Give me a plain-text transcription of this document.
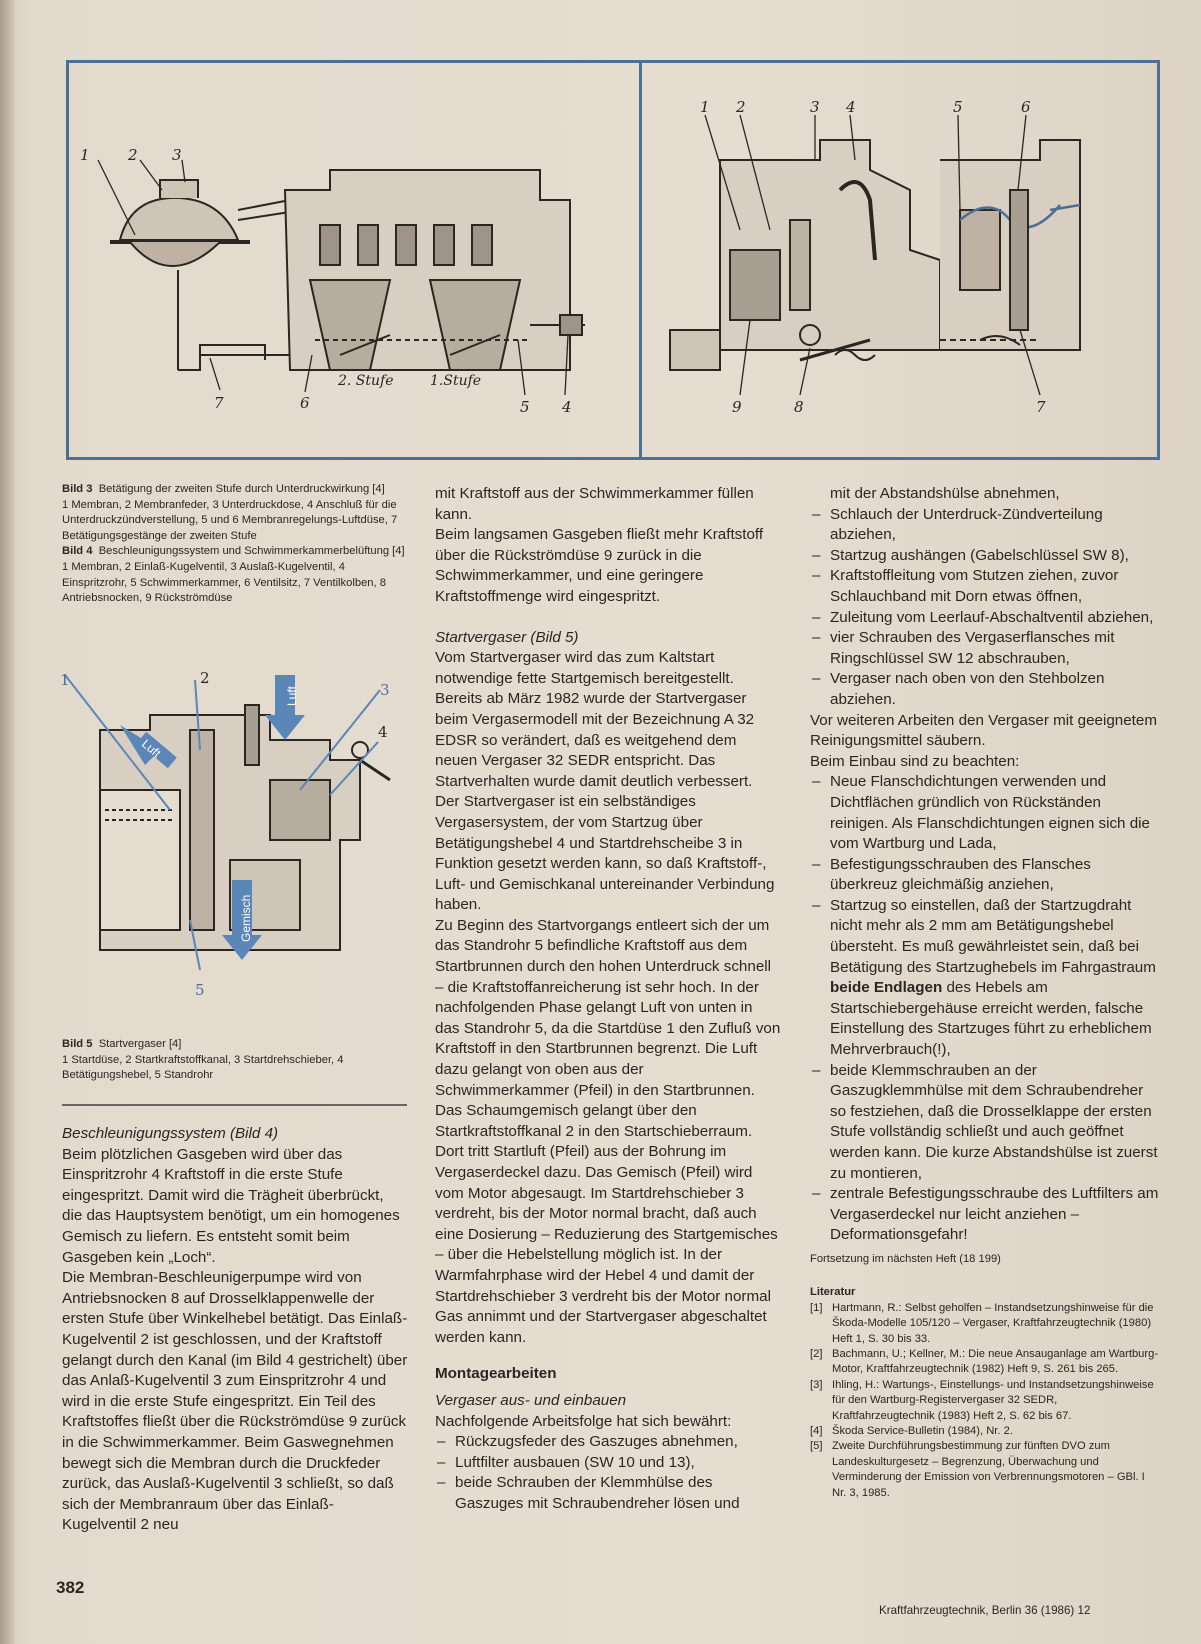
1	2 3
7	6	5 4
2. Stufe	1.Stufe
1 2	3 4	5	6
9	8	7

Bild 3 Betätigung der zweiten Stufe durch Unterdruckwirkung [4]

1 Membran, 2 Membranfeder, 3 Unterdruckdose, 4 Anschluß für die Unterdruckzündverstellung, 5 und 6 Membranregelungs-Luftdüse, 7 Betätigungsgestänge der zweiten Stufe

Bild 4 Beschleunigungssystem und Schwimmerkammerbelüftung [4]

1 Membran, 2 Einlaß-Kugelventil, 3 Auslaß-Kugelventil, 4 Einspritzrohr, 5 Schwimmerkammer, 6 Ventilsitz, 7 Ventilkolben, 8 Antriebsnocken, 9 Rückströmdüse

1	2
3
4
5
Luft
Luft
Gemisch

Bild 5 Startvergaser [4]

1 Startdüse, 2 Startkraftstoffkanal, 3 Startdrehschieber, 4 Betätigungshebel, 5 Standrohr

Beschleunigungssystem (Bild 4)

Beim plötzlichen Gasgeben wird über das Einspritzrohr 4 Kraftstoff in die erste Stufe eingespritzt. Damit wird die Trägheit überbrückt, die das Hauptsystem benötigt, um ein homogenes Gemisch zu liefern. Es entsteht somit beim Gasgeben kein „Loch“.

Die Membran-Beschleunigerpumpe wird von Antriebsnocken 8 auf Drosselklappenwelle der ersten Stufe über Winkelhebel betätigt. Das Einlaß-Kugelventil 2 ist geschlossen, und der Kraftstoff gelangt durch den Kanal (im Bild 4 gestrichelt) über das Anlaß-Kugelventil 3 zum Einspritzrohr 4 und wird in die erste Stufe eingespritzt. Ein Teil des Kraftstoffes fließt über die Rückströmdüse 9 zurück in die Schwimmerkammer. Beim Gaswegnehmen bewegt sich die Membran durch die Druckfeder zurück, das Auslaß-Kugelventil 3 schließt, so daß sich der Membranraum über das Einlaß-Kugelventil 2 neu

mit Kraftstoff aus der Schwimmerkammer füllen kann.

Beim langsamen Gasgeben fließt mehr Kraftstoff über die Rückströmdüse 9 zurück in die Schwimmerkammer, und eine geringere Kraftstoffmenge wird eingespritzt.

Startvergaser (Bild 5)

Vom Startvergaser wird das zum Kaltstart notwendige fette Startgemisch bereitgestellt. Bereits ab März 1982 wurde der Startvergaser beim Vergasermodell mit der Bezeichnung A 32 EDSR so verändert, daß es weitgehend dem neuen Vergaser 32 SEDR entspricht. Das Startverhalten wurde damit deutlich verbessert.

Der Startvergaser ist ein selbständiges Vergasersystem, der vom Startzug über Betätigungshebel 4 und Startdrehscheibe 3 in Funktion gesetzt werden kann, so daß Kraftstoff-, Luft- und Gemischkanal untereinander Verbindung haben.

Zu Beginn des Startvorgangs entleert sich der um das Standrohr 5 befindliche Kraftstoff aus dem Startbrunnen durch den hohen Unterdruck schnell – die Kraftstoffanreicherung ist sehr hoch. In der nachfolgenden Phase gelangt Luft von unten in das Standrohr 5, da die Startdüse 1 den Zufluß von Kraftstoff in den Startbrunnen begrenzt. Die Luft dazu gelangt von oben aus der Schwimmerkammer (Pfeil) in den Startbrunnen.

Das Schaumgemisch gelangt über den Startkraftstoffkanal 2 in den Startschieberraum. Dort tritt Startluft (Pfeil) aus der Bohrung im Vergaserdeckel dazu. Das Gemisch (Pfeil) wird vom Motor abgesaugt. Im Startdrehschieber 3 verdreht, bis der Motor normal bracht, daß auch eine Dosierung – Reduzierung des Startgemisches – über die Hebelstellung möglich ist. In der Warmfahrphase wird der Hebel 4 und damit der Startdrehschieber 3 verdreht bis der Motor normal Gas annimmt und der Startvergaser abgeschaltet werden kann.

Montagearbeiten

Vergaser aus- und einbauen

Nachfolgende Arbeitsfolge hat sich bewährt:

– Rückzugsfeder des Gaszuges abnehmen,
– Luftfilter ausbauen (SW 10 und 13),
– beide Schrauben der Klemmhülse des Gaszuges mit Schraubendreher lösen und

mit der Abstandshülse abnehmen,

– Schlauch der Unterdruck-Zündverteilung abziehen,
– Startzug aushängen (Gabelschlüssel SW 8),
– Kraftstoffleitung vom Stutzen ziehen, zuvor Schlauchband mit Dorn etwas öffnen,
– Zuleitung vom Leerlauf-Abschaltventil abziehen,
– vier Schrauben des Vergaserflansches mit Ringschlüssel SW 12 abschrauben,
– Vergaser nach oben von den Stehbolzen abziehen.

Vor weiteren Arbeiten den Vergaser mit geeignetem Reinigungsmittel säubern.

Beim Einbau sind zu beachten:

– Neue Flanschdichtungen verwenden und Dichtflächen gründlich von Rückständen reinigen. Als Flanschdichtungen eignen sich die vom Wartburg und Lada,
– Befestigungsschrauben des Flansches überkreuz gleichmäßig anziehen,
– Startzug so einstellen, daß der Startzugdraht nicht mehr als 2 mm am Betätigungshebel übersteht. Es muß gewährleistet sein, daß bei Betätigung des Startzughebels im Fahrgastraum beide Endlagen des Hebels am Startschiebergehäuse erreicht werden, falsche Einstellung des Startzuges führt zu erheblichem Mehrverbrauch(!),
– beide Klemmschrauben an der Gaszugklemmhülse mit dem Schraubendreher so festziehen, daß die Drosselklappe der ersten Stufe vollständig schließt und auch geöffnet werden kann. Die kurze Abstandshülse ist zuerst zu montieren,
– zentrale Befestigungsschraube des Luftfilters am Vergaserdeckel nur leicht anziehen – Deformationsgefahr!

Fortsetzung im nächsten Heft (18 199)

Literatur

[1] Hartmann, R.: Selbst geholfen – Instandsetzungshinweise für die Škoda-Modelle 105/120 – Vergaser, Kraftfahrzeugtechnik (1980) Heft 1, S. 30 bis 33.
[2] Bachmann, U.; Kellner, M.: Die neue Ansauganlage am Wartburg-Motor, Kraftfahrzeugtechnik (1982) Heft 9, S. 261 bis 265.
[3] Ihling, H.: Wartungs-, Einstellungs- und Instandsetzungshinweise für den Wartburg-Registervergaser 32 SEDR, Kraftfahrzeugtechnik (1983) Heft 2, S. 62 bis 67.
[4] Škoda Service-Bulletin (1984), Nr. 2.
[5] Zweite Durchführungsbestimmung zur fünften DVO zum Landeskulturgesetz – Begrenzung, Überwachung und Verminderung der Emission von Verbrennungsmotoren – GBl. I Nr. 3, 1985.
382
Kraftfahrzeugtechnik, Berlin 36 (1986) 12
